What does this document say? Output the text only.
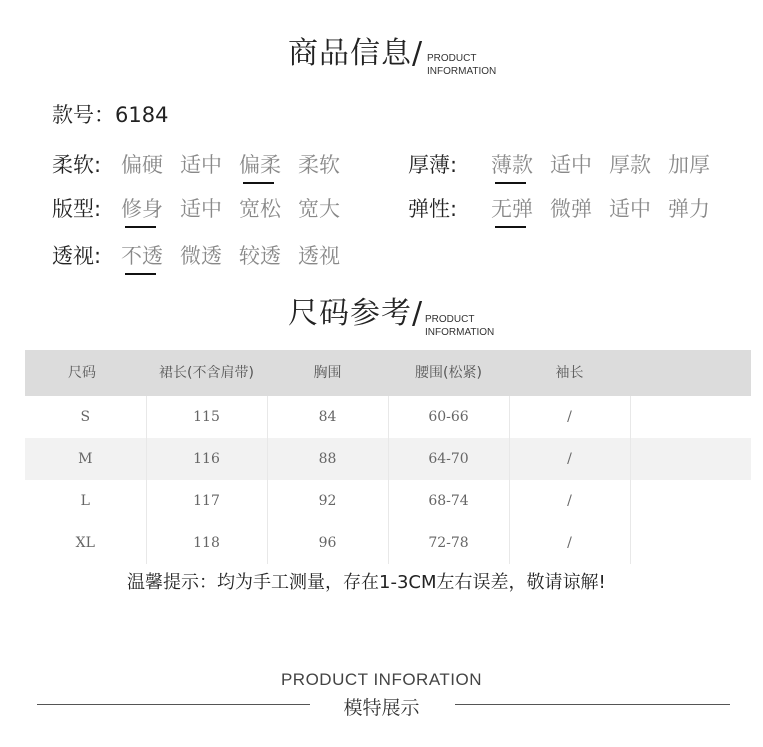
商品信息/ PRODUCT
INFORMATION
款号：6184
柔软: 偏硬 适中 偏柔 柔软	厚薄: 薄款 适中 厚款 加厚
版型: 修身 适中 宽松 宽大	弹性: 无弹 微弹 适中 弹力
透视: 不透 微透 较透 透视
尺码参考/ PRODUCT
INFORMATION
尺码	裙长(不含肩带)	胸围	腰围(松紧)	袖长	
S	115	84	60-66	/	
M	116	88	64-70	/	
L	117	92	68-74	/	
XL	118	96	72-78	/	
温馨提示：均为手工测量，存在1-3CM左右误差，敬请谅解!
PRODUCT INFORATION
模特展示
